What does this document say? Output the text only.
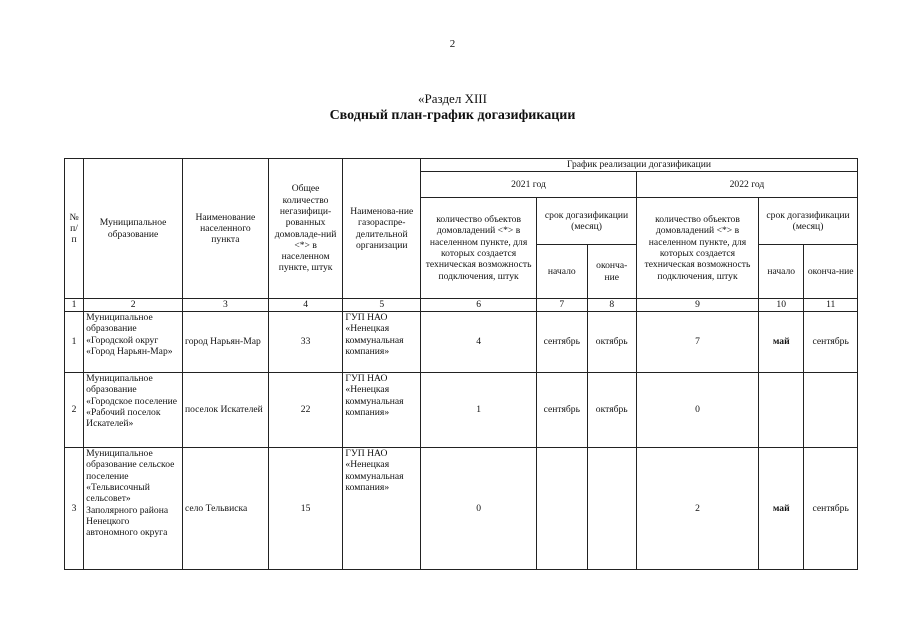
2
«Раздел XIII
Сводный план-график догазификации
№ п/ п	Муниципальное образование	Наименование населенного пункта	Общее количество негазифици-рованных домовладе-ний <*> в населенном пункте, штук	Наименова-ние газораспре-делительной организации	График реализации догазификации					
					2021 год			2022 год		
					количество объектов домовладений <*> в населенном пункте, для которых создается техническая возможность подключения, штук	срок догазификации (месяц)		количество объектов домовладений <*> в населенном пункте, для которых создается техническая возможность подключения, штук	срок догазификации (месяц)	
						начало	оконча-ние		начало	оконча-ние
1	2	3	4	5	6	7	8	9	10	11
1	Муниципальное образование «Городской округ «Город Нарьян-Мар»	город Нарьян-Мар	33	ГУП НАО «Ненецкая коммунальная компания»	4	сентябрь	октябрь	7	май	сентябрь
2	Муниципальное образование «Городское поселение «Рабочий поселок Искателей»	поселок Искателей	22	ГУП НАО «Ненецкая коммунальная компания»	1	сентябрь	октябрь	0		
3	Муниципальное образование сельское поселение «Тельвисочный сельсовет» Заполярного района Ненецкого автономного округа	село Тельвиска	15	ГУП НАО «Ненецкая коммунальная компания»	0			2	май	сентябрь
